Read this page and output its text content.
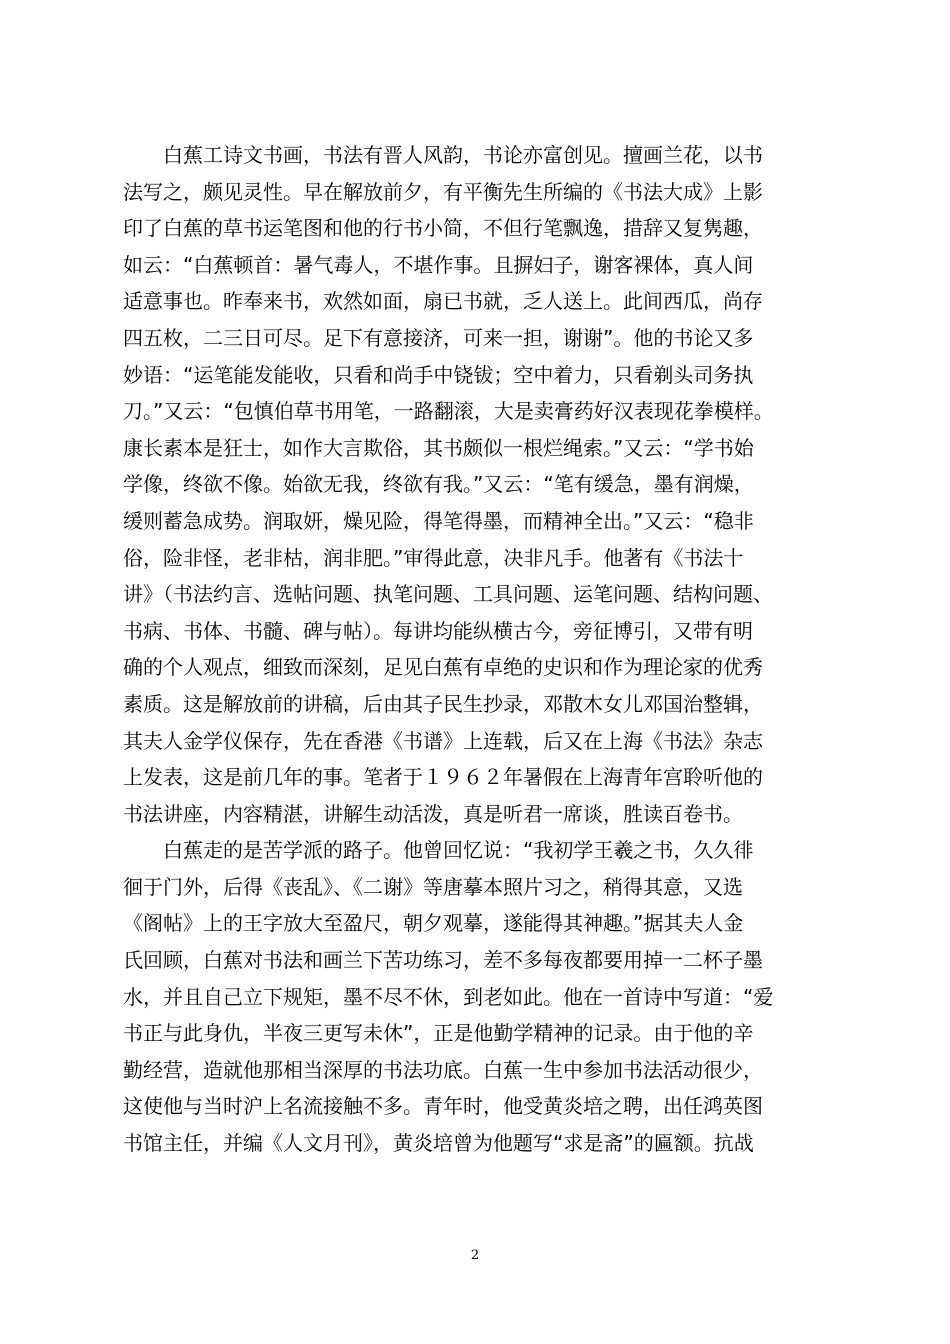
　　白蕉工诗文书画，书法有晋人风韵，书论亦富创见。擅画兰花，以书
法写之，颇见灵性。早在解放前夕，有平衡先生所编的《书法大成》上影
印了白蕉的草书运笔图和他的行书小简，不但行笔飘逸，措辞又复隽趣，
如云：“白蕉顿首：暑气毒人，不堪作事。且摒妇子，谢客裸体，真人间
适意事也。昨奉来书，欢然如面，扇已书就，乏人送上。此间西瓜，尚存
四五枚，二三日可尽。足下有意接济，可来一担，谢谢”。他的书论又多
妙语：“运笔能发能收，只看和尚手中铙钹；空中着力，只看剃头司务执
刀。”又云：“包慎伯草书用笔，一路翻滚，大是卖膏药好汉表现花拳模样。
康长素本是狂士，如作大言欺俗，其书颇似一根烂绳索。”又云：“学书始
学像，终欲不像。始欲无我，终欲有我。”又云：“笔有缓急，墨有润燥，
缓则蓄急成势。润取妍，燥见险，得笔得墨，而精神全出。”又云：“稳非
俗，险非怪，老非枯，润非肥。”审得此意，决非凡手。他著有《书法十
讲》（书法约言、选帖问题、执笔问题、工具问题、运笔问题、结构问题、
书病、书体、书髓、碑与帖）。每讲均能纵横古今，旁征博引，又带有明
确的个人观点，细致而深刻，足见白蕉有卓绝的史识和作为理论家的优秀
素质。这是解放前的讲稿，后由其子民生抄录，邓散木女儿邓国治整辑，
其夫人金学仪保存，先在香港《书谱》上连载，后又在上海《书法》杂志
上发表，这是前几年的事。笔者于１９６２年暑假在上海青年宫聆听他的
书法讲座，内容精湛，讲解生动活泼，真是听君一席谈，胜读百卷书。
　　白蕉走的是苦学派的路子。他曾回忆说：“我初学王羲之书，久久徘
徊于门外，后得《丧乱》、《二谢》等唐摹本照片习之，稍得其意，又选
《阁帖》上的王字放大至盈尺，朝夕观摹，遂能得其神趣。”据其夫人金
氏回顾，白蕉对书法和画兰下苦功练习，差不多每夜都要用掉一二杯子墨
水，并且自己立下规矩，墨不尽不休，到老如此。他在一首诗中写道：“爱
书正与此身仇，半夜三更写未休”，正是他勤学精神的记录。由于他的辛
勤经营，造就他那相当深厚的书法功底。白蕉一生中参加书法活动很少，
这使他与当时沪上名流接触不多。青年时，他受黄炎培之聘，出任鸿英图
书馆主任，并编《人文月刊》，黄炎培曾为他题写“求是斋”的匾额。抗战
2
